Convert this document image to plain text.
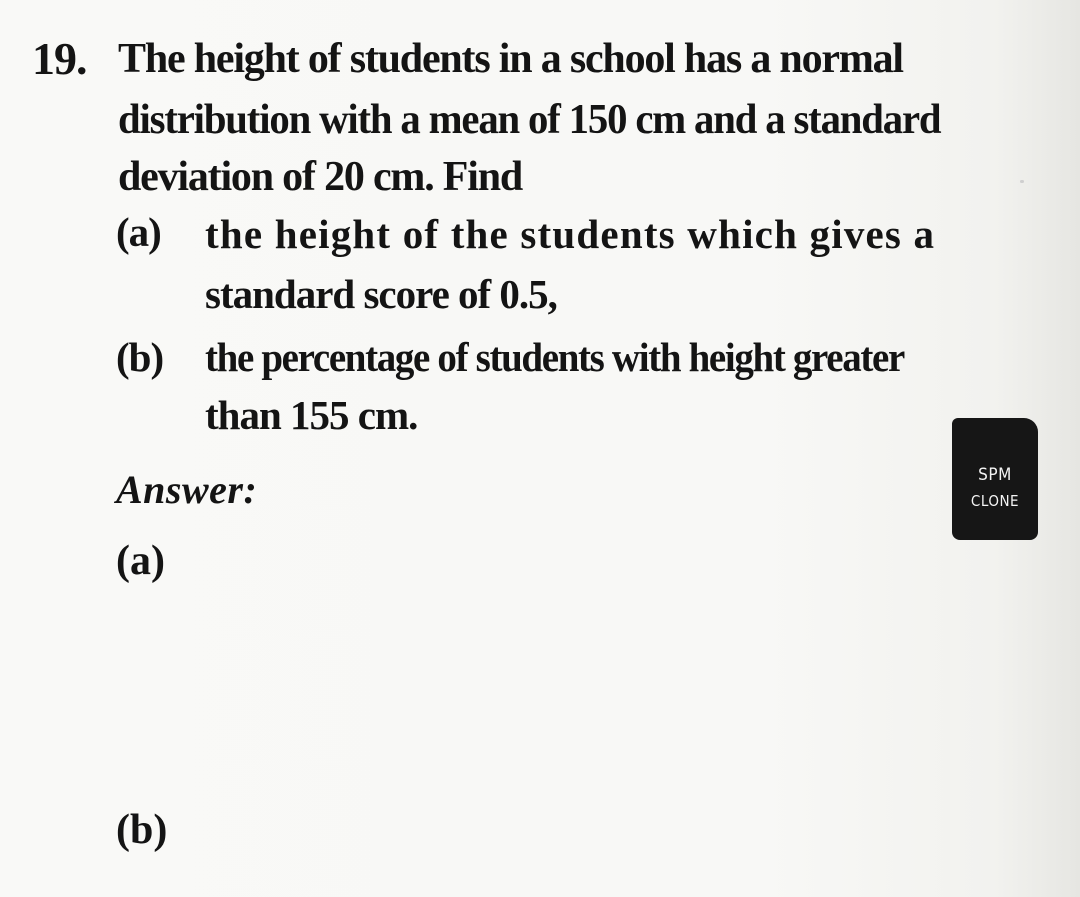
19. The height of students in a school has a normal
distribution with a mean of 150 cm and a standard
deviation of 20 cm. Find
(a) the height of the students which gives a
standard score of 0.5,
(b) the percentage of students with height greater
than 155 cm.
Answer:	SPM
CLONE
(a)
(b)
